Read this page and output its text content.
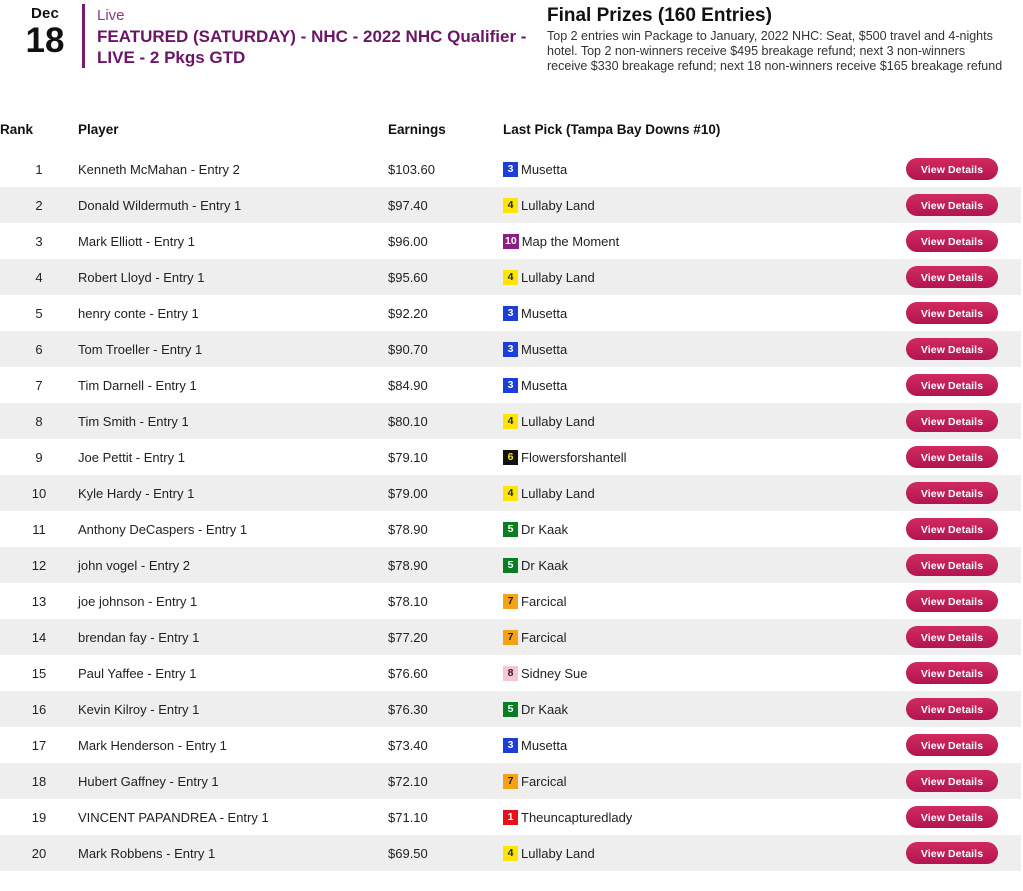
Dec
18
Live
FEATURED (SATURDAY) - NHC - 2022 NHC Qualifier - LIVE - 2 Pkgs GTD
Final Prizes (160 Entries)
Top 2 entries win Package to January, 2022 NHC: Seat, $500 travel and 4-nights hotel. Top 2 non-winners receive $495 breakage refund; next 3 non-winners receive $330 breakage refund; next 18 non-winners receive $165 breakage refund
Rank	Player	Earnings	Last Pick (Tampa Bay Downs #10)	
1	Kenneth McMahan - Entry 2	$103.60	3 Musetta	View Details

2	Donald Wildermuth - Entry 1	$97.40	4 Lullaby Land	View Details

3	Mark Elliott - Entry 1	$96.00	10 Map the Moment	View Details

4	Robert Lloyd - Entry 1	$95.60	4 Lullaby Land	View Details

5	henry conte - Entry 1	$92.20	3 Musetta	View Details

6	Tom Troeller - Entry 1	$90.70	3 Musetta	View Details

7	Tim Darnell - Entry 1	$84.90	3 Musetta	View Details

8	Tim Smith - Entry 1	$80.10	4 Lullaby Land	View Details

9	Joe Pettit - Entry 1	$79.10	6 Flowersforshantell	View Details

10	Kyle Hardy - Entry 1	$79.00	4 Lullaby Land	View Details

11	Anthony DeCaspers - Entry 1	$78.90	5 Dr Kaak	View Details

12	john vogel - Entry 2	$78.90	5 Dr Kaak	View Details

13	joe johnson - Entry 1	$78.10	7 Farcical	View Details

14	brendan fay - Entry 1	$77.20	7 Farcical	View Details

15	Paul Yaffee - Entry 1	$76.60	8 Sidney Sue	View Details

16	Kevin Kilroy - Entry 1	$76.30	5 Dr Kaak	View Details

17	Mark Henderson - Entry 1	$73.40	3 Musetta	View Details

18	Hubert Gaffney - Entry 1	$72.10	7 Farcical	View Details

19	VINCENT PAPANDREA - Entry 1	$71.10	1 Theuncapturedlady	View Details

20	Mark Robbens - Entry 1	$69.50	4 Lullaby Land	View Details
